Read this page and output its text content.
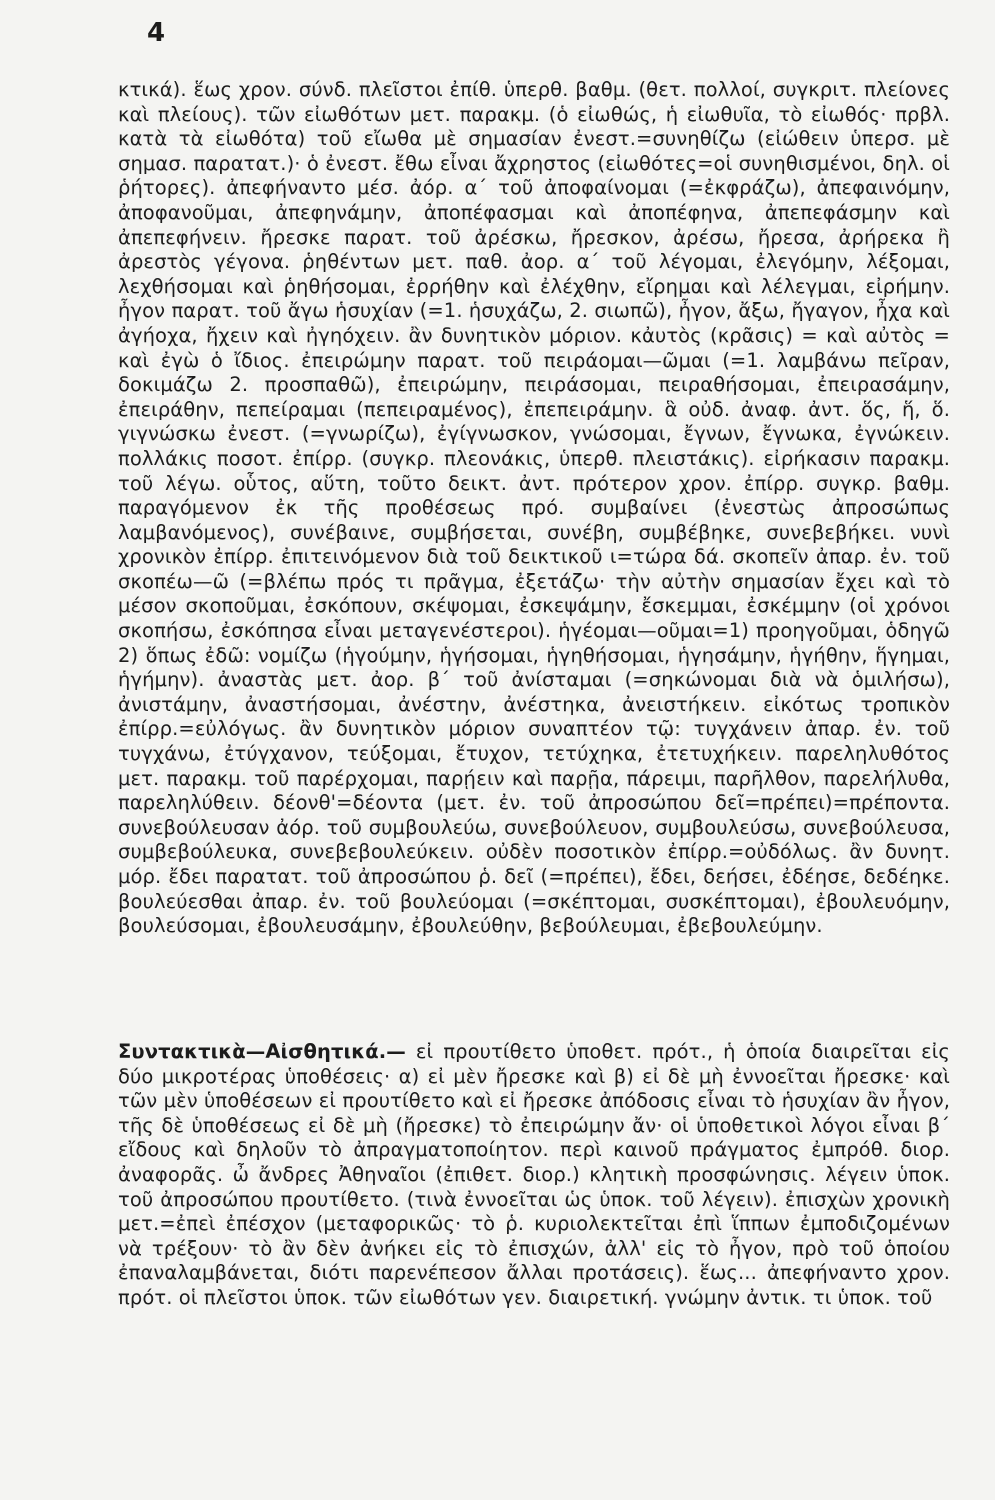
4
κτικά). ἕως χρον. σύνδ. πλεῖστοι ἐπίθ. ὑπερθ. βαθμ. (θετ. πολλοί, συγκριτ. πλείονες καὶ πλείους). τῶν εἰωθότων μετ. παρακμ. (ὁ εἰωθώς, ἡ εἰωθυῖα, τὸ εἰωθός· πρβλ. κατὰ τὰ εἰωθότα) τοῦ εἴωθα μὲ σημασίαν ἐνεστ.=συνηθίζω (εἰώθειν ὑπερσ. μὲ σημασ. παρατατ.)· ὁ ἐνεστ. ἔθω εἶναι ἄχρηστος (εἰωθότες=οἱ συνηθισμένοι, δηλ. οἱ ῥήτορες). ἀπεφήναντο μέσ. ἀόρ. α΄ τοῦ ἀποφαίνομαι (=ἐκφράζω), ἀπεφαινόμην, ἀποφανοῦμαι, ἀπεφηνάμην, ἀποπέφασμαι καὶ ἀποπέφηνα, ἀπεπεφάσμην καὶ ἀπεπεφήνειν. ἤρεσκε παρατ. τοῦ ἀρέσκω, ἤρεσκον, ἀρέσω, ἤρεσα, ἀρήρεκα ἢ ἀρεστὸς γέγονα. ῥηθέντων μετ. παθ. ἀορ. α΄ τοῦ λέγομαι, ἐλεγόμην, λέξομαι, λεχθήσομαι καὶ ῥηθήσομαι, ἐρρήθην καὶ ἐλέχθην, εἴρημαι καὶ λέλεγμαι, εἰρήμην. ἦγον παρατ. τοῦ ἄγω ἡσυχίαν (=1. ἡσυχάζω, 2. σιωπῶ), ἦγον, ἄξω, ἤγαγον, ἦχα καὶ ἀγήοχα, ἤχειν καὶ ἠγηόχειν. ἂν δυνητικὸν μόριον. κἀυτὸς (κρᾶσις) = καὶ αὐτὸς = καὶ ἐγὼ ὁ ἴδιος. ἐπειρώμην παρατ. τοῦ πειράομαι—ῶμαι (=1. λαμβάνω πεῖραν, δοκιμάζω 2. προσπαθῶ), ἐπειρώμην, πειράσομαι, πειραθήσομαι, ἐπειρασάμην, ἐπειράθην, πεπείραμαι (πεπειραμένος), ἐπεπειράμην. ἃ οὐδ. ἀναφ. ἀντ. ὅς, ἥ, ὅ. γιγνώσκω ἐνεστ. (=γνωρίζω), ἐγίγνωσκον, γνώσομαι, ἔγνων, ἔγνωκα, ἐγνώκειν. πολλάκις ποσοτ. ἐπίρρ. (συγκρ. πλεονάκις, ὑπερθ. πλειστάκις). εἰρήκασιν παρακμ. τοῦ λέγω. οὗτος, αὕτη, τοῦτο δεικτ. ἀντ. πρότερον χρον. ἐπίρρ. συγκρ. βαθμ. παραγόμενον ἐκ τῆς προθέσεως πρό. συμβαίνει (ἐνεστὼς ἀπροσώπως λαμβανόμενος), συνέβαινε, συμβήσεται, συνέβη, συμβέβηκε, συνεβεβήκει. νυνὶ χρονικὸν ἐπίρρ. ἐπιτεινόμενον διὰ τοῦ δεικτικοῦ ι=τώρα δά. σκοπεῖν ἀπαρ. ἐν. τοῦ σκοπέω—ῶ (=βλέπω πρός τι πρᾶγμα, ἐξετάζω· τὴν αὐτὴν σημασίαν ἔχει καὶ τὸ μέσον σκοποῦμαι, ἐσκόπουν, σκέψομαι, ἐσκεψάμην, ἔσκεμμαι, ἐσκέμμην (οἱ χρόνοι σκοπήσω, ἐσκόπησα εἶναι μεταγενέστεροι). ἡγέομαι—οῦμαι=1) προηγοῦμαι, ὁδηγῶ 2) ὅπως ἐδῶ: νομίζω (ἡγούμην, ἡγήσομαι, ἡγηθήσομαι, ἡγησάμην, ἡγήθην, ἥγημαι, ἡγήμην). ἀναστὰς μετ. ἀορ. β΄ τοῦ ἀνίσταμαι (=σηκώνομαι διὰ νὰ ὁμιλήσω), ἀνιστάμην, ἀναστήσομαι, ἀνέστην, ἀνέστηκα, ἀνειστήκειν. εἰκότως τροπικὸν ἐπίρρ.=εὐλόγως. ἂν δυνητικὸν μόριον συναπτέον τῷ: τυγχάνειν ἀπαρ. ἐν. τοῦ τυγχάνω, ἐτύγχανον, τεύξομαι, ἔτυχον, τετύχηκα, ἐτετυχήκειν. παρεληλυθότος μετ. παρακμ. τοῦ παρέρχομαι, παρῄειν καὶ παρῇα, πάρειμι, παρῆλθον, παρελήλυθα, παρεληλύθειν. δέονθ'=δέοντα (μετ. ἐν. τοῦ ἀπροσώπου δεῖ=πρέπει)=πρέποντα. συνεβούλευσαν ἀόρ. τοῦ συμβουλεύω, συνεβούλευον, συμβουλεύσω, συνεβούλευσα, συμβεβούλευκα, συνεβεβουλεύκειν. οὐδὲν ποσοτικὸν ἐπίρρ.=οὐδόλως. ἂν δυνητ. μόρ. ἔδει παρατατ. τοῦ ἀπροσώπου ῥ. δεῖ (=πρέπει), ἔδει, δεήσει, ἐδέησε, δεδέηκε. βουλεύεσθαι ἀπαρ. ἐν. τοῦ βουλεύομαι (=σκέπτομαι, συσκέπτομαι), ἐβουλευόμην, βουλεύσομαι, ἐβουλευσάμην, ἐβουλεύθην, βεβούλευμαι, ἐβεβουλεύμην.
Συντακτικὰ—Αἰσθητικά.— εἰ προυτίθετο ὑποθετ. πρότ., ἡ ὁποία διαιρεῖται εἰς δύο μικροτέρας ὑποθέσεις· α) εἰ μὲν ἤρεσκε καὶ β) εἰ δὲ μὴ ἐννοεῖται ἤρεσκε· καὶ τῶν μὲν ὑποθέσεων εἰ προυτίθετο καὶ εἰ ἤρεσκε ἀπόδοσις εἶναι τὸ ἡσυχίαν ἂν ἦγον, τῆς δὲ ὑποθέσεως εἰ δὲ μὴ (ἤρεσκε) τὸ ἐπειρώμην ἄν· οἱ ὑποθετικοὶ λόγοι εἶναι β΄ εἴδους καὶ δηλοῦν τὸ ἀπραγματοποίητον. περὶ καινοῦ πράγματος ἐμπρόθ. διορ. ἀναφορᾶς. ὦ ἄνδρες Ἀθηναῖοι (ἐπιθετ. διορ.) κλητικὴ προσφώνησις. λέγειν ὑποκ. τοῦ ἀπροσώπου προυτίθετο. (τινὰ ἐννοεῖται ὡς ὑποκ. τοῦ λέγειν). ἐπισχὼν χρονικὴ μετ.=ἐπεὶ ἐπέσχον (μεταφορικῶς· τὸ ῥ. κυριολεκτεῖται ἐπὶ ἵππων ἐμποδιζομένων νὰ τρέξουν· τὸ ἂν δὲν ἀνήκει εἰς τὸ ἐπισχών, ἀλλ' εἰς τὸ ἦγον, πρὸ τοῦ ὁποίου ἐπαναλαμβάνεται, διότι παρενέπεσον ἄλλαι προτάσεις). ἕως... ἀπεφήναντο χρον. πρότ. οἱ πλεῖστοι ὑποκ. τῶν εἰωθότων γεν. διαιρετική. γνώμην ἀντικ. τι ὑποκ. τοῦ
